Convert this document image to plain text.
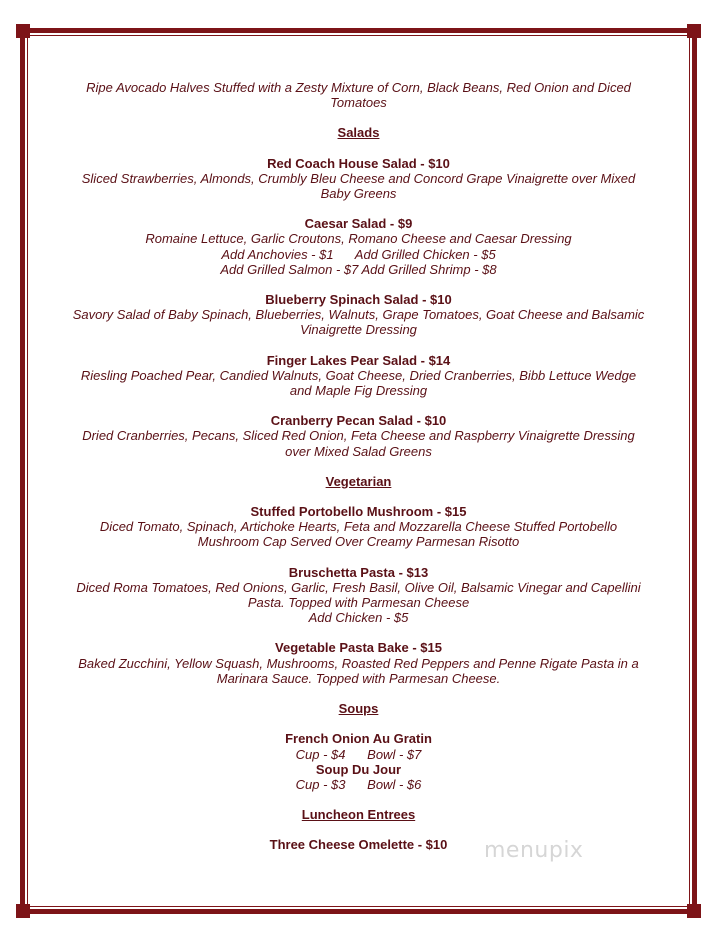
Ripe Avocado Halves Stuffed with a Zesty Mixture of Corn, Black Beans, Red Onion and Diced Tomatoes
Salads
Red Coach House Salad - $10
Sliced Strawberries, Almonds, Crumbly Bleu Cheese and Concord Grape Vinaigrette over Mixed Baby Greens
Caesar Salad - $9
Romaine Lettuce, Garlic Croutons, Romano Cheese and Caesar Dressing
Add Anchovies - $1      Add Grilled Chicken - $5
Add Grilled Salmon - $7 Add Grilled Shrimp - $8
Blueberry Spinach Salad - $10
Savory Salad of Baby Spinach, Blueberries, Walnuts, Grape Tomatoes, Goat Cheese and Balsamic Vinaigrette Dressing
Finger Lakes Pear Salad - $14
Riesling Poached Pear, Candied Walnuts, Goat Cheese, Dried Cranberries, Bibb Lettuce Wedge and Maple Fig Dressing
Cranberry Pecan Salad - $10
Dried Cranberries, Pecans, Sliced Red Onion, Feta Cheese and Raspberry Vinaigrette Dressing over Mixed Salad Greens
Vegetarian
Stuffed Portobello Mushroom - $15
Diced Tomato, Spinach, Artichoke Hearts, Feta and Mozzarella Cheese Stuffed Portobello Mushroom Cap Served Over Creamy Parmesan Risotto
Bruschetta Pasta - $13
Diced Roma Tomatoes, Red Onions, Garlic, Fresh Basil, Olive Oil, Balsamic Vinegar and Capellini Pasta. Topped with Parmesan Cheese
Add Chicken - $5
Vegetable Pasta Bake - $15
Baked Zucchini, Yellow Squash, Mushrooms, Roasted Red Peppers and Penne Rigate Pasta in a Marinara Sauce. Topped with Parmesan Cheese.
Soups
French Onion Au Gratin
Cup - $4      Bowl - $7
Soup Du Jour
Cup - $3      Bowl - $6
Luncheon Entrees
Three Cheese Omelette - $10	menupix
